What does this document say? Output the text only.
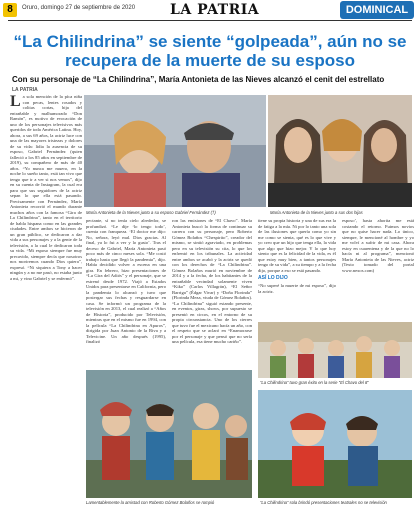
8	Oruro, domingo 27 de septiembre de 2020 LA PATRIA	DOMINICAL
“La Chilindrina” se siente “golpeada”, aún no se recupera de la muerte de su esposo
Con su personaje de “La Chilindrina”, María Antonieta de las Nieves alcanzó el cenit del estrellato
LA PATRIA
La sola mención de la píca niña con pecas, lentes rosados y colitas cortas, hija del entrañable y malhumorado “Don Ramón”, es motivo de evocación de uno de los personajes televisivos más queridos de toda América Latina. Hoy, ahora, a sus 69 años, la actriz luce con una de las mayores tristezas y dolores de su vida: lidia la ausencia de su esposo, Gabriel Fernández (quien falleció a los 85 años en septiembre de 2019), su compañero de más de 40 años. “Yo nunca me muero, en la noche lo sueño tanto, está tan vivo que tengo que ir a ver si nos vemos”, dijo en su cuenta de Instagram, la cual era para que sus seguidores de la actriz sepan lo que ella está pasando. Precisamente con Fernández, María Antonieta recorrió el mundo durante muchos años con la famosa “Gira de La Chilindrina”, tanto en el territorio de habla hispana como en las grandes ciudades. Entre ambos se hicieron de un gran público, se dedicaron a dar vida a sus personajes y a la gente de la televisión, a la cual le dedicaron toda su vida. “Mi esposo siempre fue muy precavido, siempre decía que nosotros nos moriremos cuando Dios quiera”, expresó. “Ni siquiera a Tony a hacer ningún y a no me pasó, no estaba junto a mi, y vino Gabriel y se enfermó”.
María Antonieta de la Nieves junto a su esposo Gabriel Fernández (†)	María Antonieta de la Nieves junto a sus dos hijas
pectante, sí no tenía cielo alrededor, se profundizó. “Le dije ‘lo tengo todo’, cuenta con franqueza. ‘El doctor me dijo: No, señora, leyó mal. Dios gracias. Al final, ya lo fui a ver y lo gusto’. Tras el deceso de Gabriel, María Antonieta pasó poco más de cinco meses sola. “Me costó trabajo hasta que llegó la pandemia”, dijo. Había decidido volver a escena en una gira. En febrero, hizo presentaciones de “La Gira del Adiós” y el personaje, que se estrenó desde 1972. Viajó a Estados Unidos para presentarse en California, pero la pandemia lo alcanzó y tuvo que postergar sus fechas y resguardarse en casa. Se informó un programa de la televisión en 2013, el cual realizó a “Años de Historia”, producido por Televisión, mientras que en el mismo fue en 1994, con la película “La Chilindrina en Apuros”, dirigida por Juan Antonio de la Riva y a Televicine. Un año después (1995), finalizó
ron las emisiones de “El Chavo”. María Antonieta buscó la forma de continuar su carrera con su personaje, pero Roberto Gómez Bolaños “Chespirito”, creador del mismo, se sintió agraviado, en problemas pero en su televisión su cita, lo que los enfrentó en los tribunales. La actividad entre ambos se acabó y la actriz se quedó con los derechos de “La Chilindrina”. Gómez Bolaños murió en noviembre de 2014 y a la fecha, de los habitantes de la entrañable vecindad solamente viven “Kiko” (Carlos Villagrán), “El Señor Barriga” (Édgar Vivar) y “Doña Florinda” (Florinda Meza, viuda de Gómez Bolaños). “La Chilindrina” siguió estando presente, en eventos, giras, shows, por supuesto se presentó en circos, en el entorno de su propia circunstancia. Uno de los cierres que tuvo fue el mexicano hacía un año, con el respeto que se aclaró en “Enamorarse por el personaje y que pensó que no sería una película, esa tiene mucho cariño”.
tiene su propia historia y una de sus era la de fatiga a la mía. Ni por lo tanto una sola de las ilusiones que quería como yo sin me como se sienta, qué es lo que vive y yo creo que un hijo que tenga ella, la vida que algo que hizo mejor. Y lo que hoy siento que es la felicidad de la vida, es él que estoy muy bien, a tantos personajes tengo de su vida”, a su tiempo y a la fecha dijo, porque a eso se está pasando.
ASÍ LO DIJO
“No superé la muerte de mi esposo”, dijo la actriz.
esposo’, hasta ahorita me está costando el retorno. Fuimos novios que no quise hacer nada. Lo único, siempre, le mencioné al hombre y yo me volví a sufrir de mi casa. Ahora estoy en cuarentena y de la que no lo hacía ni al programa”, mencionó María Antonieta de las Nieves, actriz (Texto tomado del portal www.nexos.com)
“La Chilindrina” tuvo gran éxito en la serie “El Chavo del 8”
Lamentablemente la amistad con Roberto Gómez Bolaños se rompió	“La Chilindrina” sola brindó presentaciones teatrales no se televisión
